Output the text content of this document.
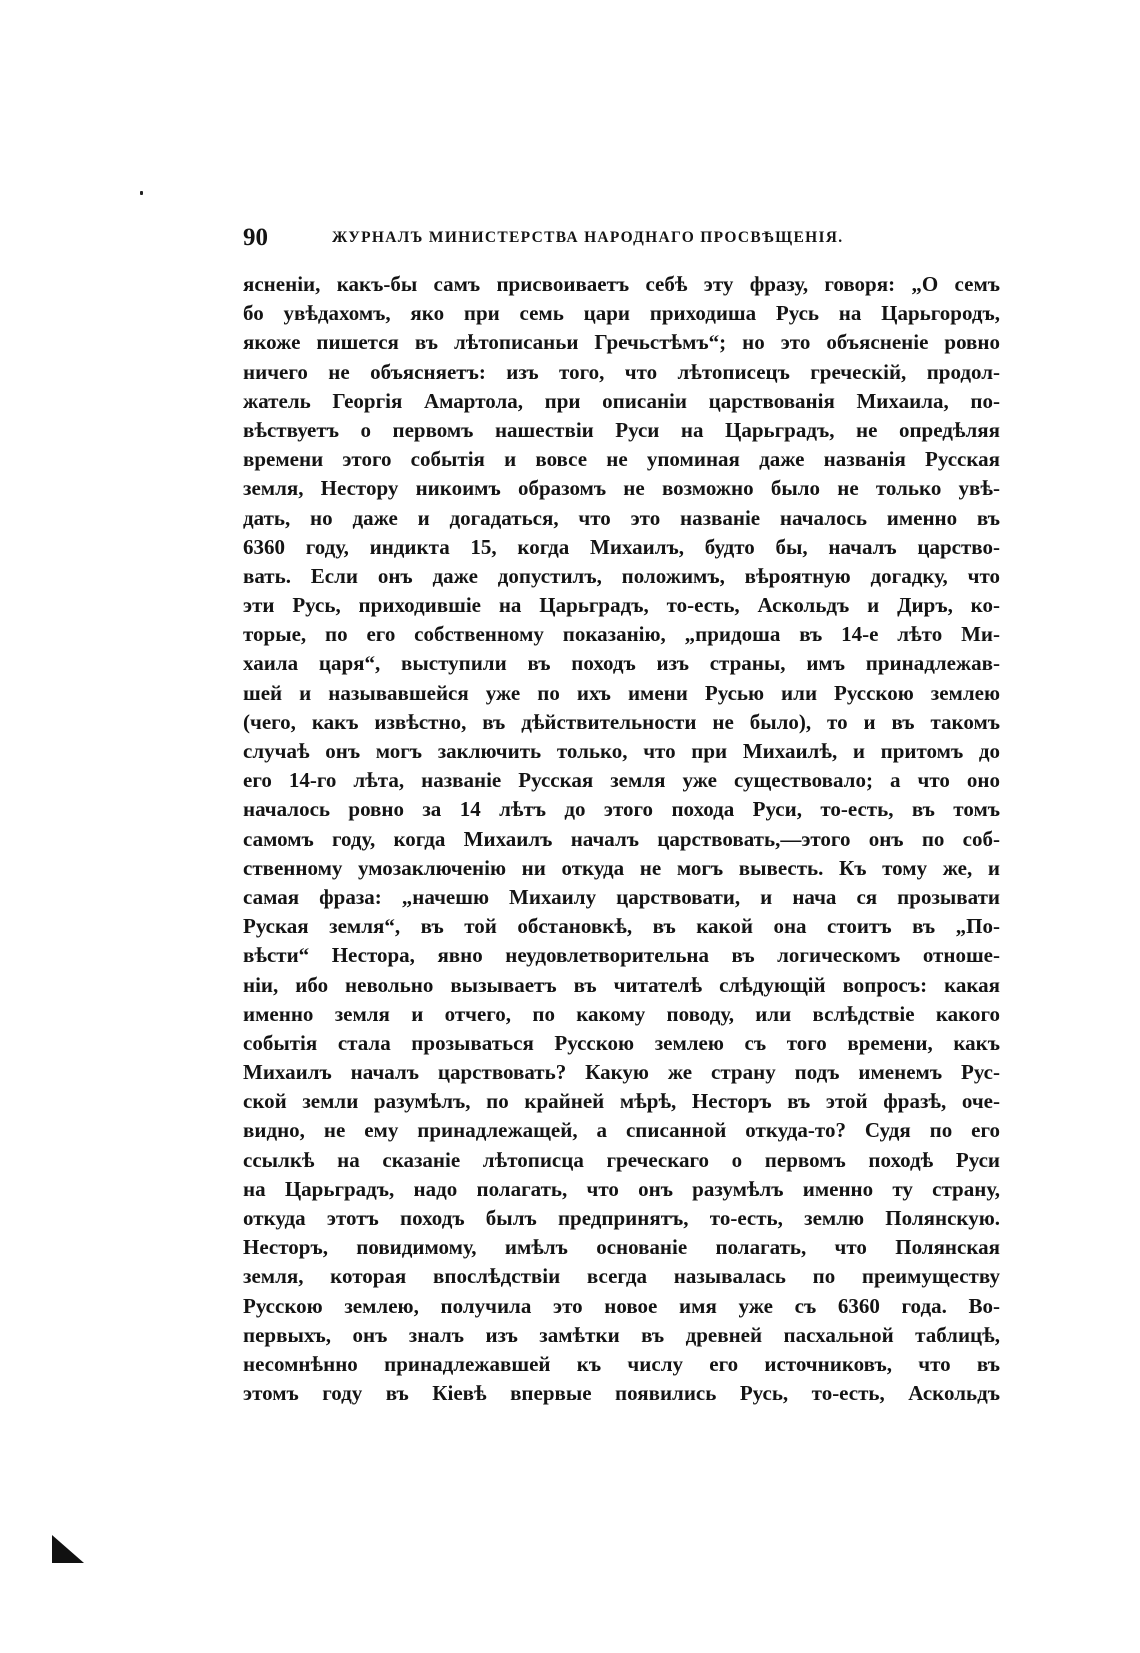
90	ЖУРНАЛЪ МИНИСТЕРСТВА НАРОДНАГО ПРОСВѢЩЕНІЯ.
ясненіи, какъ-бы самъ присвоиваетъ себѣ эту фразу, говоря: „О семъ
бо увѣдахомъ, яко при семь цари приходиша Русь на Царьгородъ,
якоже пишется въ лѣтописаньи Гречьстѣмъ“; но это объясненіе ровно
ничего не объясняетъ: изъ того, что лѣтописецъ греческій, продол-
жатель Георгія Амартола, при описаніи царствованія Михаила, по-
вѣствуетъ о первомъ нашествіи Руси на Царьградъ, не опредѣляя
времени этого событія и вовсе не упоминая даже названія Русская
земля, Нестору никоимъ образомъ не возможно было не только увѣ-
дать, но даже и догадаться, что это названіе началось именно въ
6360 году, индикта 15, когда Михаилъ, будто бы, началъ царство-
вать. Если онъ даже допустилъ, положимъ, вѣроятную догадку, что
эти Русь, приходившіе на Царьградъ, то-есть, Аскольдъ и Диръ, ко-
торые, по его собственному показанію, „придоша въ 14-е лѣто Ми-
хаила царя“, выступили въ походъ изъ страны, имъ принадлежав-
шей и называвшейся уже по ихъ имени Русью или Русскою землею
(чего, какъ извѣстно, въ дѣйствительности не было), то и въ такомъ
случаѣ онъ могъ заключить только, что при Михаилѣ, и притомъ до
его 14-го лѣта, названіе Русская земля уже существовало; а что оно
началось ровно за 14 лѣтъ до этого похода Руси, то-есть, въ томъ
самомъ году, когда Михаилъ началъ царствовать,—этого онъ по соб-
ственному умозаключенію ни откуда не могъ вывесть. Къ тому же, и
самая фраза: „начешю Михаилу царствовати, и нача ся прозывати
Руская земля“, въ той обстановкѣ, въ какой она стоитъ въ „По-
вѣсти“ Нестора, явно неудовлетворительна въ логическомъ отноше-
ніи, ибо невольно вызываетъ въ читателѣ слѣдующій вопросъ: какая
именно земля и отчего, по какому поводу, или вслѣдствіе какого
событія стала прозываться Русскою землею съ того времени, какъ
Михаилъ началъ царствовать? Какую же страну подъ именемъ Рус-
ской земли разумѣлъ, по крайней мѣрѣ, Несторъ въ этой фразѣ, оче-
видно, не ему принадлежащей, а списанной откуда-то? Судя по его
ссылкѣ на сказаніе лѣтописца греческаго о первомъ походѣ Руси
на Царьградъ, надо полагать, что онъ разумѣлъ именно ту страну,
откуда этотъ походъ былъ предпринятъ, то-есть, землю Полянскую.
Несторъ, повидимому, имѣлъ основаніе полагать, что Полянская
земля, которая впослѣдствіи всегда называлась по преимуществу
Русскою землею, получила это новое имя уже съ 6360 года. Во-
первыхъ, онъ зналъ изъ замѣтки въ древней пасхальной таблицѣ,
несомнѣнно принадлежавшей къ числу его источниковъ, что въ
этомъ году въ Кіевѣ впервые появились Русь, то-есть, Аскольдъ
